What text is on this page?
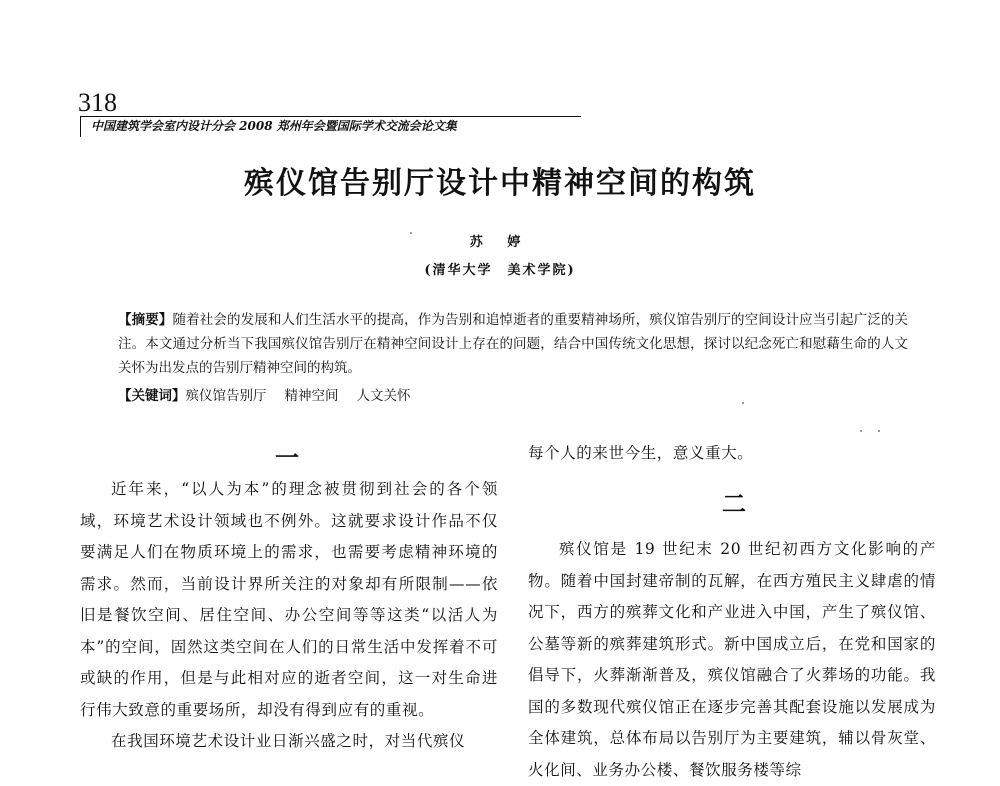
318
中国建筑学会室内设计分会 2008 郑州年会暨国际学术交流会论文集
殡仪馆告别厅设计中精神空间的构筑
苏 婷
(清华大学　美术学院)
【摘要】随着社会的发展和人们生活水平的提高，作为告别和追悼逝者的重要精神场所，殡仪馆告别厅的空间设计应当引起广泛的关注。本文通过分析当下我国殡仪馆告别厅在精神空间设计上存在的问题，结合中国传统文化思想，探讨以纪念死亡和慰藉生命的人文关怀为出发点的告别厅精神空间的构筑。
【关键词】殡仪馆告别厅 精神空间 人文关怀
一

近年来，“以人为本”的理念被贯彻到社会的各个领域，环境艺术设计领域也不例外。这就要求设计作品不仅要满足人们在物质环境上的需求，也需要考虑精神环境的需求。然而，当前设计界所关注的对象却有所限制——依旧是餐饮空间、居住空间、办公空间等等这类“以活人为本”的空间，固然这类空间在人们的日常生活中发挥着不可或缺的作用，但是与此相对应的逝者空间，这一对生命进行伟大致意的重要场所，却没有得到应有的重视。

在我国环境艺术设计业日渐兴盛之时，对当代殡仪

每个人的来世今生，意义重大。

二

殡仪馆是 19 世纪末 20 世纪初西方文化影响的产物。随着中国封建帝制的瓦解，在西方殖民主义肆虐的情况下，西方的殡葬文化和产业进入中国，产生了殡仪馆、公墓等新的殡葬建筑形式。新中国成立后，在党和国家的倡导下，火葬渐渐普及，殡仪馆融合了火葬场的功能。我国的多数现代殡仪馆正在逐步完善其配套设施以发展成为全体建筑，总体布局以告别厅为主要建筑，辅以骨灰堂、火化间、业务办公楼、餐饮服务楼等综
